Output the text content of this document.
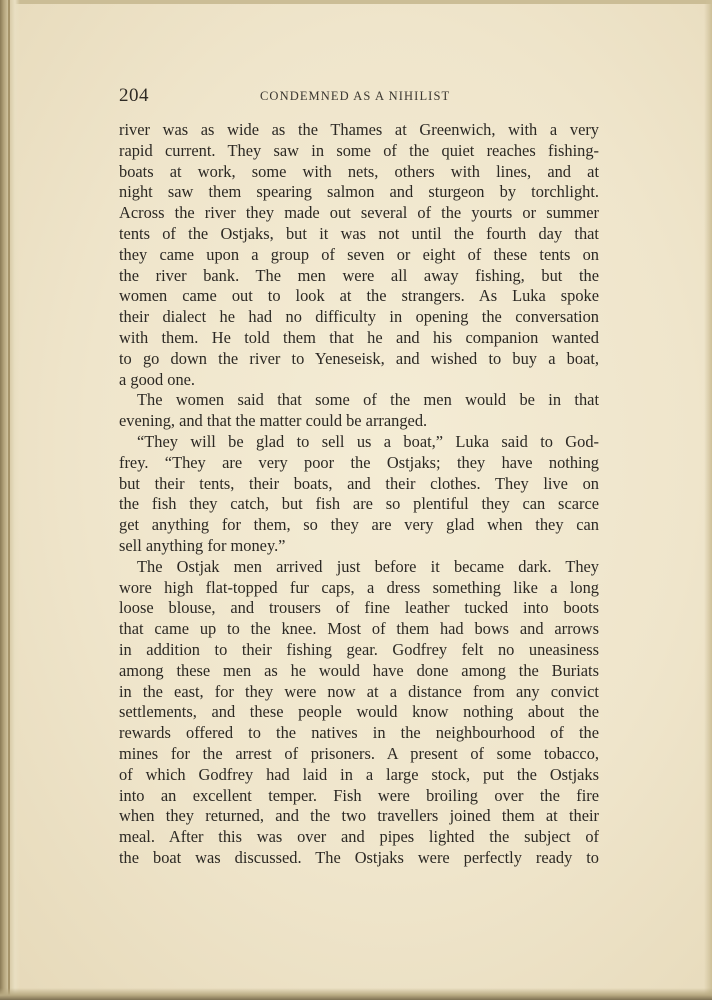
204	CONDEMNED AS A NIHILIST
river was as wide as the Thames at Greenwich, with a very
rapid current. They saw in some of the quiet reaches fishing-
boats at work, some with nets, others with lines, and at
night saw them spearing salmon and sturgeon by torchlight.
Across the river they made out several of the yourts or summer
tents of the Ostjaks, but it was not until the fourth day that
they came upon a group of seven or eight of these tents on
the river bank. The men were all away fishing, but the
women came out to look at the strangers. As Luka spoke
their dialect he had no difficulty in opening the conversation
with them. He told them that he and his companion wanted
to go down the river to Yeneseisk, and wished to buy a boat,
a good one.
The women said that some of the men would be in that
evening, and that the matter could be arranged.
“They will be glad to sell us a boat,” Luka said to God-
frey. “They are very poor the Ostjaks; they have nothing
but their tents, their boats, and their clothes. They live on
the fish they catch, but fish are so plentiful they can scarce
get anything for them, so they are very glad when they can
sell anything for money.”
The Ostjak men arrived just before it became dark. They
wore high flat-topped fur caps, a dress something like a long
loose blouse, and trousers of fine leather tucked into boots
that came up to the knee. Most of them had bows and arrows
in addition to their fishing gear. Godfrey felt no uneasiness
among these men as he would have done among the Buriats
in the east, for they were now at a distance from any convict
settlements, and these people would know nothing about the
rewards offered to the natives in the neighbourhood of the
mines for the arrest of prisoners. A present of some tobacco,
of which Godfrey had laid in a large stock, put the Ostjaks
into an excellent temper. Fish were broiling over the fire
when they returned, and the two travellers joined them at their
meal. After this was over and pipes lighted the subject of
the boat was discussed. The Ostjaks were perfectly ready to
